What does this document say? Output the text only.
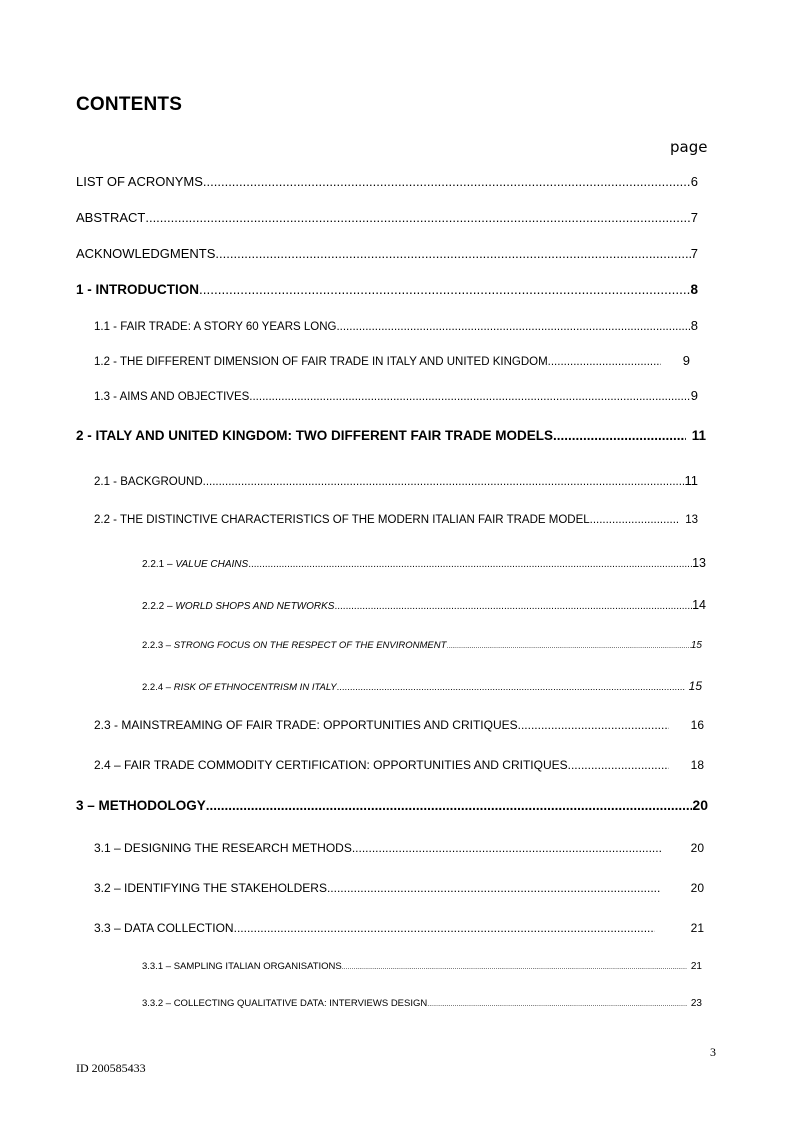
CONTENTS
page
LIST OF ACRONYMS .....	6
ABSTRACT .....	7
ACKNOWLEDGMENTS .....	7
1 - INTRODUCTION .....	8
1.1 - FAIR TRADE: A STORY 60 YEARS LONG .....	8
1.2 - THE DIFFERENT DIMENSION OF FAIR TRADE IN ITALY AND UNITED KINGDOM .....	9
1.3 - AIMS AND OBJECTIVES .....	9
2 - ITALY AND UNITED KINGDOM: TWO DIFFERENT FAIR TRADE MODELS .....	11
2.1 - BACKGROUND .....	11
2.2 - THE DISTINCTIVE CHARACTERISTICS OF THE MODERN ITALIAN FAIR TRADE MODEL .....	13
2.2.1 – VALUE CHAINS .....	13
2.2.2 – WORLD SHOPS AND NETWORKS .....	14
2.2.3 – STRONG FOCUS ON THE RESPECT OF THE ENVIRONMENT .....	15
2.2.4 – RISK OF ETHNOCENTRISM IN ITALY .....	15
2.3 - MAINSTREAMING OF FAIR TRADE: OPPORTUNITIES AND CRITIQUES .....	16
2.4 – FAIR TRADE COMMODITY CERTIFICATION: OPPORTUNITIES AND CRITIQUES .....	18
3 – METHODOLOGY .....	20
3.1 – DESIGNING THE RESEARCH METHODS .....	20
3.2 – IDENTIFYING THE STAKEHOLDERS .....	20
3.3 – DATA COLLECTION .....	21
3.3.1 – SAMPLING ITALIAN ORGANISATIONS .....	21
3.3.2 – COLLECTING QUALITATIVE DATA: INTERVIEWS DESIGN .....	23
3
ID 200585433
